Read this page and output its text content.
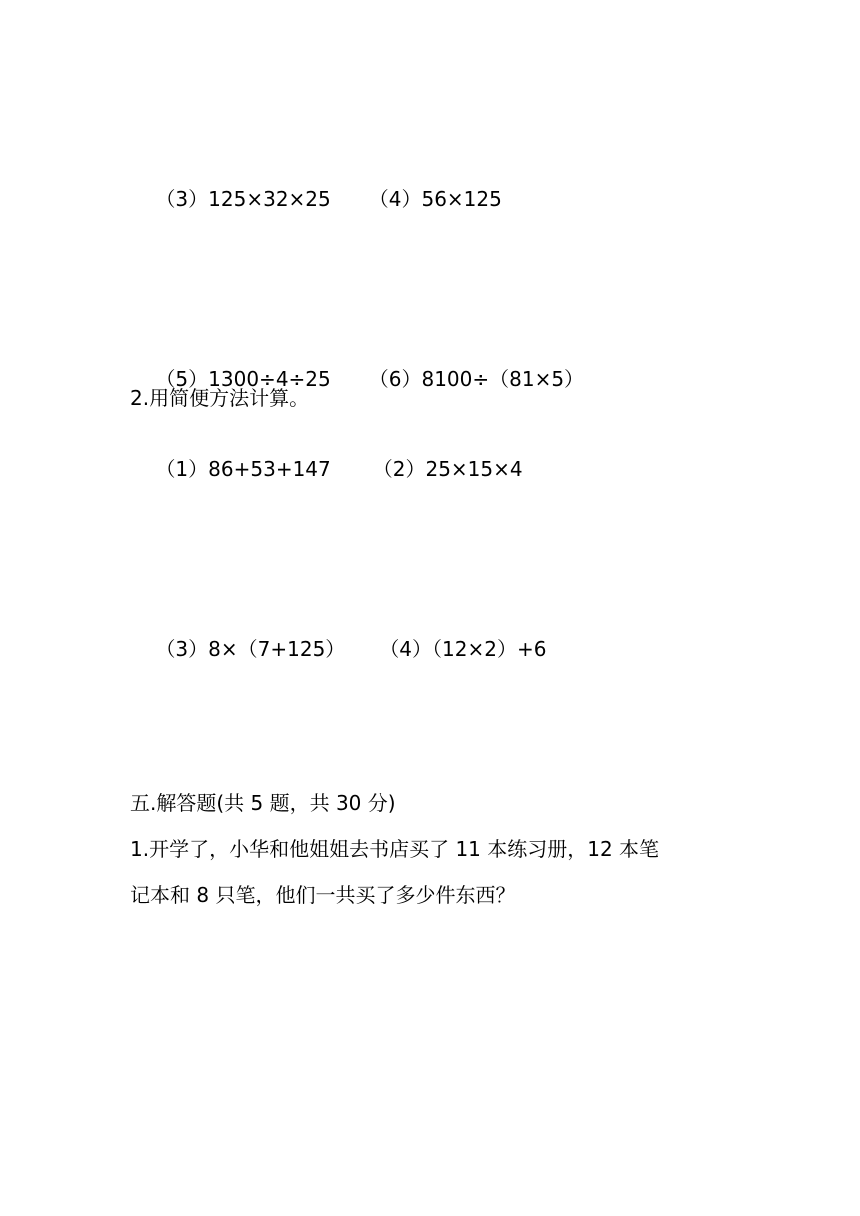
（3）125×32×25 （4）56×125

（5）1300÷4÷25 （6）8100÷（81×5）

2.用简便方法计算。

（1）86+53+147 （2）25×15×4

（3）8×（7+125） （4）（12×2）+6

五.解答题(共 5 题，共 30 分)
1.开学了，小华和他姐姐去书店买了 11 本练习册，12 本笔
记本和 8 只笔，他们一共买了多少件东西？
